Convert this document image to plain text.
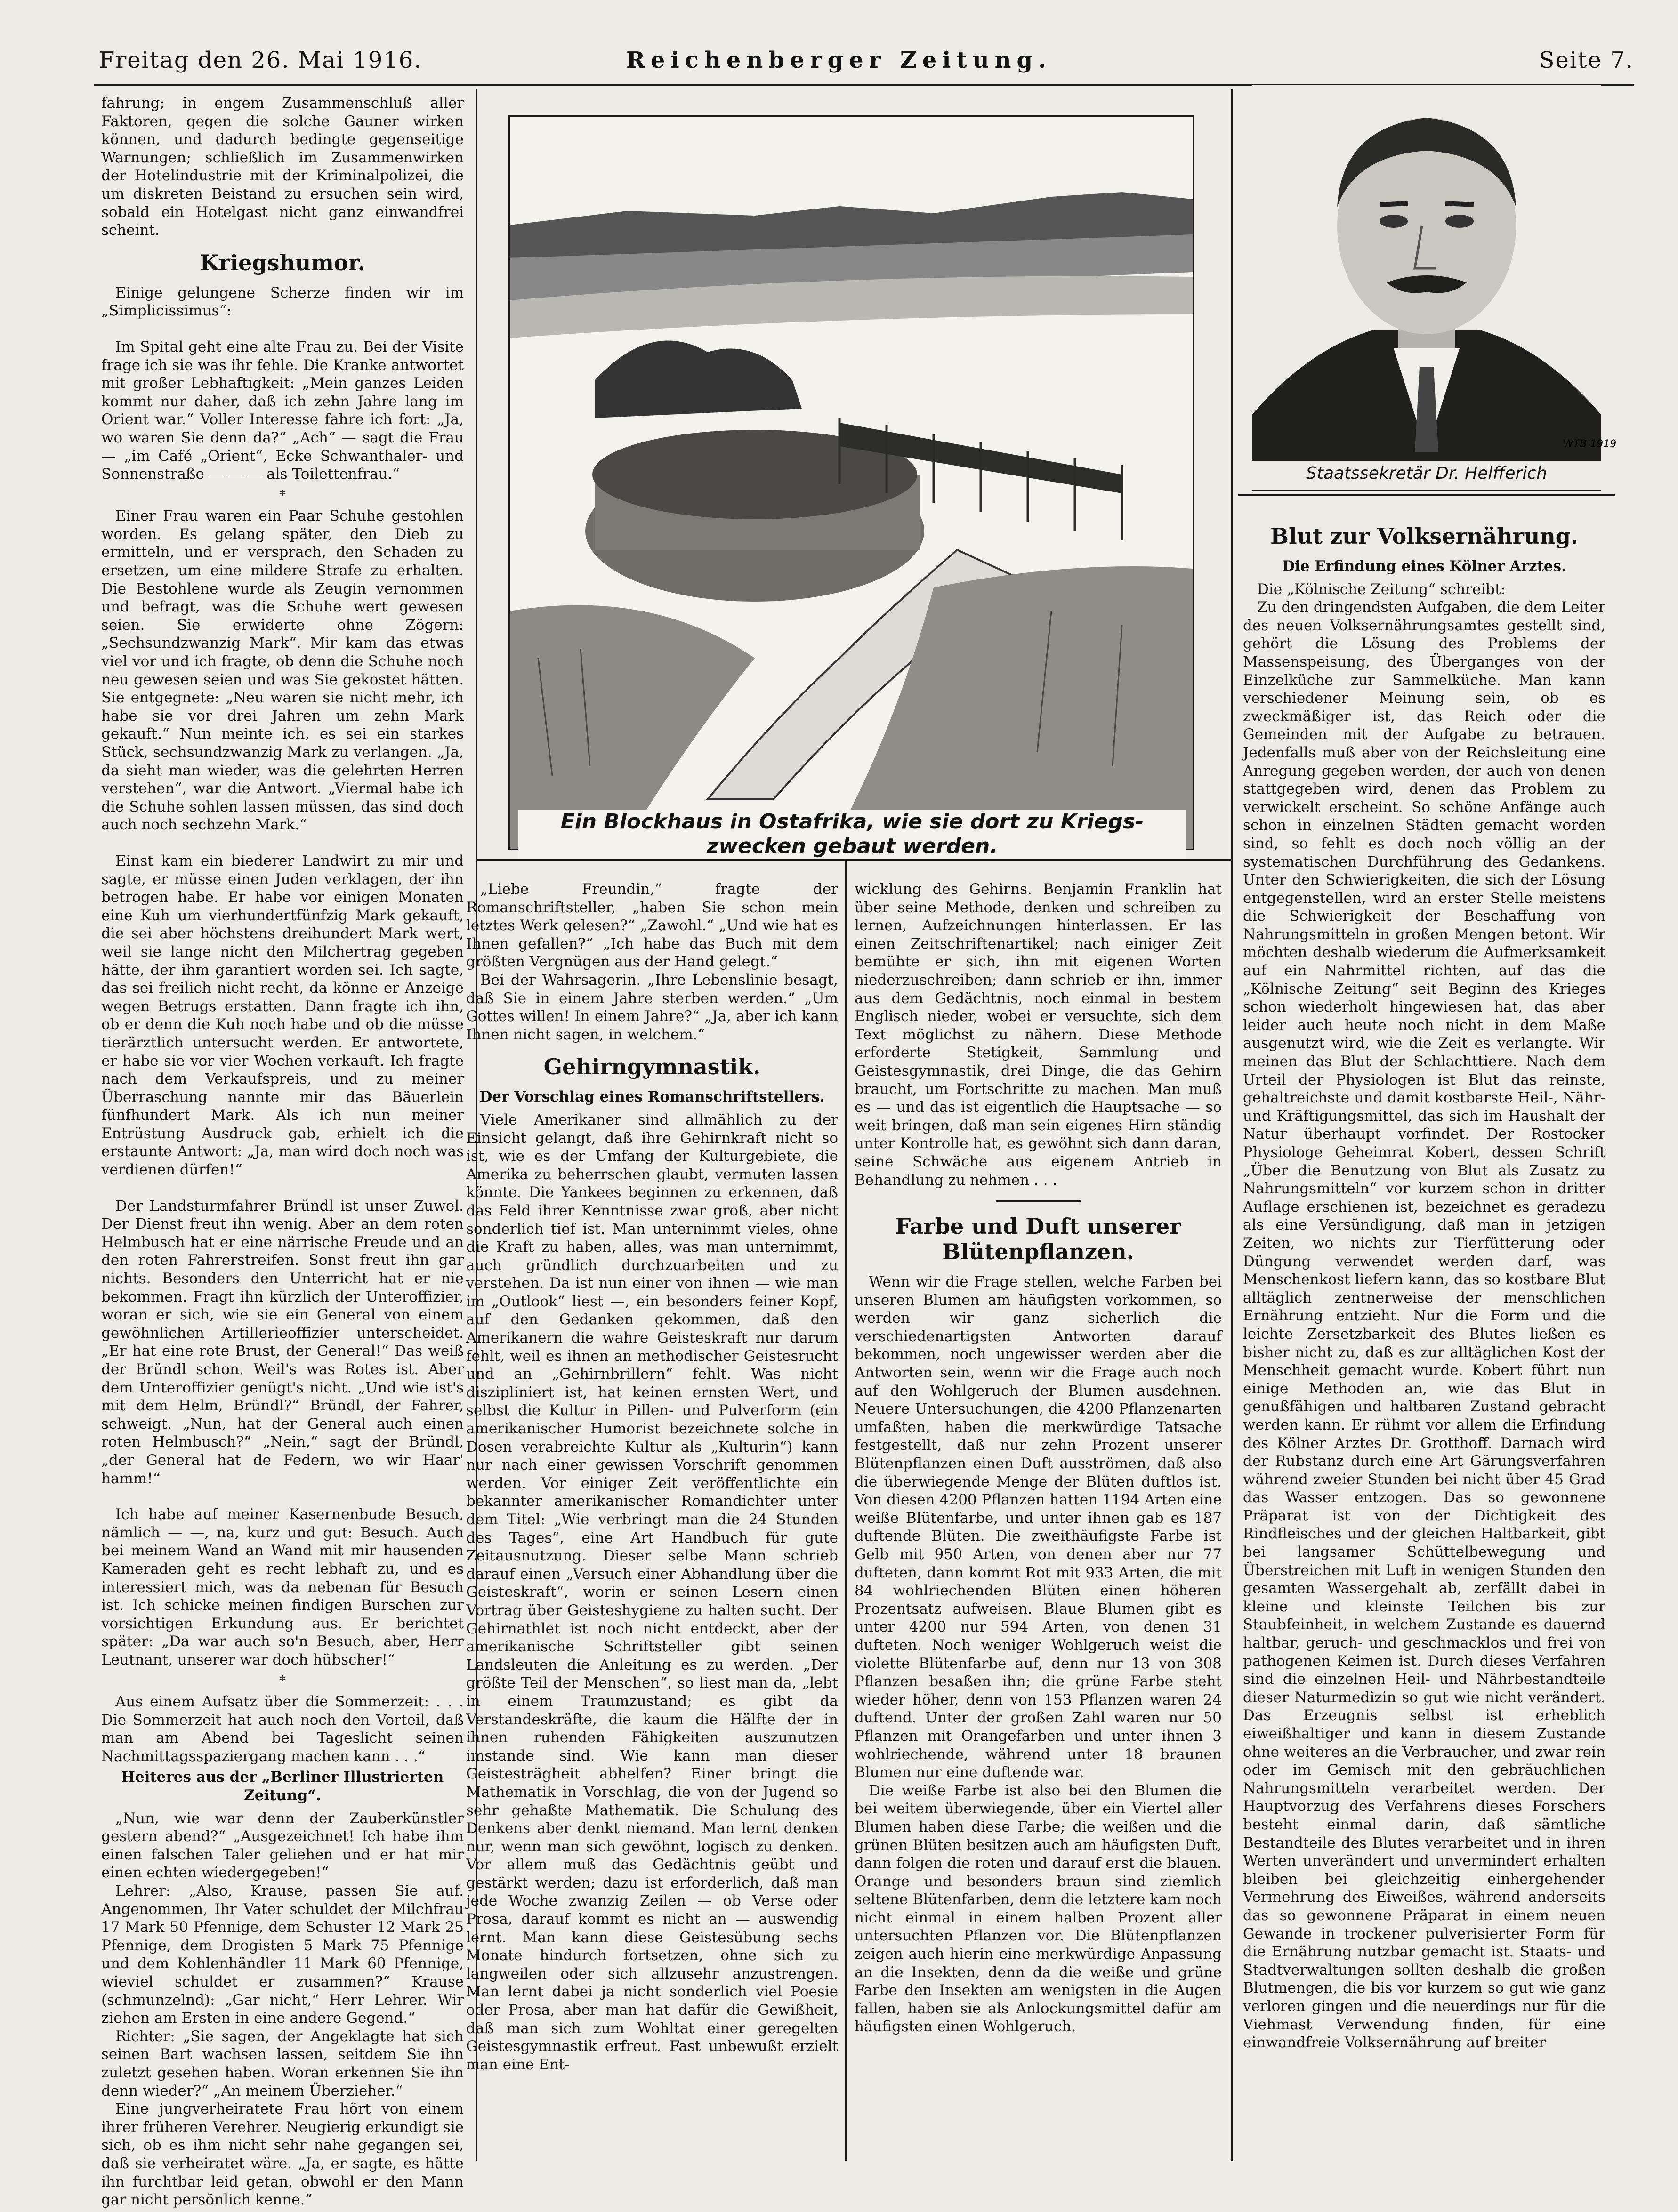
Freitag den 26. Mai 1916.	Reichenberger Zeitung.	Seite 7.

fahrung; in engem Zusammenschluß aller Faktoren, gegen die solche Gauner wirken können, und dadurch bedingte gegenseitige Warnungen; schließlich im Zusammenwirken der Hotelindustrie mit der Kriminalpolizei, die um diskreten Beistand zu ersuchen sein wird, sobald ein Hotelgast nicht ganz einwandfrei scheint.

Kriegshumor.

Einige gelungene Scherze finden wir im „Simplicissimus“:

Im Spital geht eine alte Frau zu. Bei der Visite frage ich sie was ihr fehle. Die Kranke antwortet mit großer Lebhaftigkeit: „Mein ganzes Leiden kommt nur daher, daß ich zehn Jahre lang im Orient war.“ Voller Interesse fahre ich fort: „Ja, wo waren Sie denn da?“ „Ach“ — sagt die Frau — „im Café „Orient“, Ecke Schwanthaler- und Sonnenstraße — — — als Toilettenfrau.“

*

Einer Frau waren ein Paar Schuhe gestohlen worden. Es gelang später, den Dieb zu ermitteln, und er versprach, den Schaden zu ersetzen, um eine mildere Strafe zu erhalten. Die Bestohlene wurde als Zeugin vernommen und befragt, was die Schuhe wert gewesen seien. Sie erwiderte ohne Zögern: „Sechsundzwanzig Mark“. Mir kam das etwas viel vor und ich fragte, ob denn die Schuhe noch neu gewesen seien und was Sie gekostet hätten. Sie entgegnete: „Neu waren sie nicht mehr, ich habe sie vor drei Jahren um zehn Mark gekauft.“ Nun meinte ich, es sei ein starkes Stück, sechsundzwanzig Mark zu verlangen. „Ja, da sieht man wieder, was die gelehrten Herren verstehen“, war die Antwort. „Viermal habe ich die Schuhe sohlen lassen müssen, das sind doch auch noch sechzehn Mark.“

Einst kam ein biederer Landwirt zu mir und sagte, er müsse einen Juden verklagen, der ihn betrogen habe. Er habe vor einigen Monaten eine Kuh um vierhundertfünfzig Mark gekauft, die sei aber höchstens dreihundert Mark wert, weil sie lange nicht den Milchertrag gegeben hätte, der ihm garantiert worden sei. Ich sagte, das sei freilich nicht recht, da könne er Anzeige wegen Betrugs erstatten. Dann fragte ich ihn, ob er denn die Kuh noch habe und ob die müsse tierärztlich untersucht werden. Er antwortete, er habe sie vor vier Wochen verkauft. Ich fragte nach dem Verkaufspreis, und zu meiner Überraschung nannte mir das Bäuerlein fünfhundert Mark. Als ich nun meiner Entrüstung Ausdruck gab, erhielt ich die erstaunte Antwort: „Ja, man wird doch noch was verdienen dürfen!“

Der Landsturmfahrer Bründl ist unser Zuwel. Der Dienst freut ihn wenig. Aber an dem roten Helmbusch hat er eine närrische Freude und an den roten Fahrerstreifen. Sonst freut ihn gar nichts. Besonders den Unterricht hat er nie bekommen. Fragt ihn kürzlich der Unteroffizier, woran er sich, wie sie ein General von einem gewöhnlichen Artillerieoffizier unterscheidet. „Er hat eine rote Brust, der General!“ Das weiß der Bründl schon. Weil's was Rotes ist. Aber dem Unteroffizier genügt's nicht. „Und wie ist's mit dem Helm, Bründl?“ Bründl, der Fahrer, schweigt. „Nun, hat der General auch einen roten Helmbusch?“ „Nein,“ sagt der Bründl, „der General hat de Federn, wo wir Haar' hamm!“

Ich habe auf meiner Kasernenbude Besuch, nämlich — —, na, kurz und gut: Besuch. Auch bei meinem Wand an Wand mit mir hausenden Kameraden geht es recht lebhaft zu, und es interessiert mich, was da nebenan für Besuch ist. Ich schicke meinen findigen Burschen zur vorsichtigen Erkundung aus. Er berichtet später: „Da war auch so'n Besuch, aber, Herr Leutnant, unserer war doch hübscher!“

*

Aus einem Aufsatz über die Sommerzeit: . . . Die Sommerzeit hat auch noch den Vorteil, daß man am Abend bei Tageslicht seinen Nachmittagsspaziergang machen kann . . .“

Heiteres aus der „Berliner Illustrierten Zeitung“.

„Nun, wie war denn der Zauberkünstler gestern abend?“ „Ausgezeichnet! Ich habe ihm einen falschen Taler geliehen und er hat mir einen echten wiedergegeben!“

Lehrer: „Also, Krause, passen Sie auf. Angenommen, Ihr Vater schuldet der Milchfrau 17 Mark 50 Pfennige, dem Schuster 12 Mark 25 Pfennige, dem Drogisten 5 Mark 75 Pfennige und dem Kohlenhändler 11 Mark 60 Pfennige, wieviel schuldet er zusammen?“ Krause (schmunzelnd): „Gar nicht,“ Herr Lehrer. Wir ziehen am Ersten in eine andere Gegend.“

Richter: „Sie sagen, der Angeklagte hat sich seinen Bart wachsen lassen, seitdem Sie ihn zuletzt gesehen haben. Woran erkennen Sie ihn denn wieder?“ „An meinem Überzieher.“

Eine jungverheiratete Frau hört von einem ihrer früheren Verehrer. Neugierig erkundigt sie sich, ob es ihm nicht sehr nahe gegangen sei, daß sie verheiratet wäre. „Ja, er sagte, es hätte ihn furchtbar leid getan, obwohl er den Mann gar nicht persönlich kenne.“

Ein Blockhaus in Ostafrika, wie sie dort zu Kriegs-
zwecken gebaut werden.
WTB 1919
Staatssekretär Dr. Helfferich

„Liebe Freundin,“ fragte der Romanschriftsteller, „haben Sie schon mein letztes Werk gelesen?“ „Zawohl.“ „Und wie hat es Ihnen gefallen?“ „Ich habe das Buch mit dem größten Vergnügen aus der Hand gelegt.“

Bei der Wahrsagerin. „Ihre Lebenslinie besagt, daß Sie in einem Jahre sterben werden.“ „Um Gottes willen! In einem Jahre?“ „Ja, aber ich kann Ihnen nicht sagen, in welchem.“

Gehirngymnastik.
Der Vorschlag eines Romanschriftstellers.

Viele Amerikaner sind allmählich zu der Einsicht gelangt, daß ihre Gehirnkraft nicht so ist, wie es der Umfang der Kulturgebiete, die Amerika zu beherrschen glaubt, vermuten lassen könnte. Die Yankees beginnen zu erkennen, daß das Feld ihrer Kenntnisse zwar groß, aber nicht sonderlich tief ist. Man unternimmt vieles, ohne die Kraft zu haben, alles, was man unternimmt, auch gründlich durchzuarbeiten und zu verstehen. Da ist nun einer von ihnen — wie man im „Outlook“ liest —, ein besonders feiner Kopf, auf den Gedanken gekommen, daß den Amerikanern die wahre Geisteskraft nur darum fehlt, weil es ihnen an methodischer Geistesrucht und an „Gehirnbrillern“ fehlt. Was nicht diszipliniert ist, hat keinen ernsten Wert, und selbst die Kultur in Pillen- und Pulverform (ein amerikanischer Humorist bezeichnete solche in Dosen verabreichte Kultur als „Kulturin“) kann nur nach einer gewissen Vorschrift genommen werden. Vor einiger Zeit veröffentlichte ein bekannter amerikanischer Romandichter unter dem Titel: „Wie verbringt man die 24 Stunden des Tages“, eine Art Handbuch für gute Zeitausnutzung. Dieser selbe Mann schrieb darauf einen „Versuch einer Abhandlung über die Geisteskraft“, worin er seinen Lesern einen Vortrag über Geisteshygiene zu halten sucht. Der Gehirnathlet ist noch nicht entdeckt, aber der amerikanische Schriftsteller gibt seinen Landsleuten die Anleitung es zu werden. „Der größte Teil der Menschen“, so liest man da, „lebt in einem Traumzustand; es gibt da Verstandeskräfte, die kaum die Hälfte der in ihnen ruhenden Fähigkeiten auszunutzen imstande sind. Wie kann man dieser Geistesträgheit abhelfen? Einer bringt die Mathematik in Vorschlag, die von der Jugend so sehr gehaßte Mathematik. Die Schulung des Denkens aber denkt niemand. Man lernt denken nur, wenn man sich gewöhnt, logisch zu denken. Vor allem muß das Gedächtnis geübt und gestärkt werden; dazu ist erforderlich, daß man jede Woche zwanzig Zeilen — ob Verse oder Prosa, darauf kommt es nicht an — auswendig lernt. Man kann diese Geistesübung sechs Monate hindurch fortsetzen, ohne sich zu langweilen oder sich allzusehr anzustrengen. Man lernt dabei ja nicht sonderlich viel Poesie oder Prosa, aber man hat dafür die Gewißheit, daß man sich zum Wohltat einer geregelten Geistesgymnastik erfreut. Fast unbewußt erzielt man eine Ent-

wicklung des Gehirns. Benjamin Franklin hat über seine Methode, denken und schreiben zu lernen, Aufzeichnungen hinterlassen. Er las einen Zeitschriftenartikel; nach einiger Zeit bemühte er sich, ihn mit eigenen Worten niederzuschreiben; dann schrieb er ihn, immer aus dem Gedächtnis, noch einmal in bestem Englisch nieder, wobei er versuchte, sich dem Text möglichst zu nähern. Diese Methode erforderte Stetigkeit, Sammlung und Geistesgymnastik, drei Dinge, die das Gehirn braucht, um Fortschritte zu machen. Man muß es — und das ist eigentlich die Hauptsache — so weit bringen, daß man sein eigenes Hirn ständig unter Kontrolle hat, es gewöhnt sich dann daran, seine Schwäche aus eigenem Antrieb in Behandlung zu nehmen . . .

Farbe und Duft unserer Blütenpflanzen.

Wenn wir die Frage stellen, welche Farben bei unseren Blumen am häufigsten vorkommen, so werden wir ganz sicherlich die verschiedenartigsten Antworten darauf bekommen, noch ungewisser werden aber die Antworten sein, wenn wir die Frage auch noch auf den Wohlgeruch der Blumen ausdehnen. Neuere Untersuchungen, die 4200 Pflanzenarten umfaßten, haben die merkwürdige Tatsache festgestellt, daß nur zehn Prozent unserer Blütenpflanzen einen Duft ausströmen, daß also die überwiegende Menge der Blüten duftlos ist. Von diesen 4200 Pflanzen hatten 1194 Arten eine weiße Blütenfarbe, und unter ihnen gab es 187 duftende Blüten. Die zweithäufigste Farbe ist Gelb mit 950 Arten, von denen aber nur 77 dufteten, dann kommt Rot mit 933 Arten, die mit 84 wohlriechenden Blüten einen höheren Prozentsatz aufweisen. Blaue Blumen gibt es unter 4200 nur 594 Arten, von denen 31 dufteten. Noch weniger Wohlgeruch weist die violette Blütenfarbe auf, denn nur 13 von 308 Pflanzen besaßen ihn; die grüne Farbe steht wieder höher, denn von 153 Pflanzen waren 24 duftend. Unter der großen Zahl waren nur 50 Pflanzen mit Orangefarben und unter ihnen 3 wohlriechende, während unter 18 braunen Blumen nur eine duftende war.

Die weiße Farbe ist also bei den Blumen die bei weitem überwiegende, über ein Viertel aller Blumen haben diese Farbe; die weißen und die grünen Blüten besitzen auch am häufigsten Duft, dann folgen die roten und darauf erst die blauen. Orange und besonders braun sind ziemlich seltene Blütenfarben, denn die letztere kam noch nicht einmal in einem halben Prozent aller untersuchten Pflanzen vor. Die Blütenpflanzen zeigen auch hierin eine merkwürdige Anpassung an die Insekten, denn da die weiße und grüne Farbe den Insekten am wenigsten in die Augen fallen, haben sie als Anlockungsmittel dafür am häufigsten einen Wohlgeruch.

Blut zur Volksernährung.
Die Erfindung eines Kölner Arztes.

Die „Kölnische Zeitung“ schreibt:

Zu den dringendsten Aufgaben, die dem Leiter des neuen Volksernährungsamtes gestellt sind, gehört die Lösung des Problems der Massenspeisung, des Überganges von der Einzelküche zur Sammelküche. Man kann verschiedener Meinung sein, ob es zweckmäßiger ist, das Reich oder die Gemeinden mit der Aufgabe zu betrauen. Jedenfalls muß aber von der Reichsleitung eine Anregung gegeben werden, der auch von denen stattgegeben wird, denen das Problem zu verwickelt erscheint. So schöne Anfänge auch schon in einzelnen Städten gemacht worden sind, so fehlt es doch noch völlig an der systematischen Durchführung des Gedankens. Unter den Schwierigkeiten, die sich der Lösung entgegenstellen, wird an erster Stelle meistens die Schwierigkeit der Beschaffung von Nahrungsmitteln in großen Mengen betont. Wir möchten deshalb wiederum die Aufmerksamkeit auf ein Nahrmittel richten, auf das die „Kölnische Zeitung“ seit Beginn des Krieges schon wiederholt hingewiesen hat, das aber leider auch heute noch nicht in dem Maße ausgenutzt wird, wie die Zeit es verlangte. Wir meinen das Blut der Schlachttiere. Nach dem Urteil der Physiologen ist Blut das reinste, gehaltreichste und damit kostbarste Heil-, Nähr- und Kräftigungsmittel, das sich im Haushalt der Natur überhaupt vorfindet. Der Rostocker Physiologe Geheimrat Kobert, dessen Schrift „Über die Benutzung von Blut als Zusatz zu Nahrungsmitteln“ vor kurzem schon in dritter Auflage erschienen ist, bezeichnet es geradezu als eine Versündigung, daß man in jetzigen Zeiten, wo nichts zur Tierfütterung oder Düngung verwendet werden darf, was Menschenkost liefern kann, das so kostbare Blut alltäglich zentnerweise der menschlichen Ernährung entzieht. Nur die Form und die leichte Zersetzbarkeit des Blutes ließen es bisher nicht zu, daß es zur alltäglichen Kost der Menschheit gemacht wurde. Kobert führt nun einige Methoden an, wie das Blut in genußfähigen und haltbaren Zustand gebracht werden kann. Er rühmt vor allem die Erfindung des Kölner Arztes Dr. Grotthoff. Darnach wird der Rubstanz durch eine Art Gärungsverfahren während zweier Stunden bei nicht über 45 Grad das Wasser entzogen. Das so gewonnene Präparat ist von der Dichtigkeit des Rindfleisches und der gleichen Haltbarkeit, gibt bei langsamer Schüttelbewegung und Überstreichen mit Luft in wenigen Stunden den gesamten Wassergehalt ab, zerfällt dabei in kleine und kleinste Teilchen bis zur Staubfeinheit, in welchem Zustande es dauernd haltbar, geruch- und geschmacklos und frei von pathogenen Keimen ist. Durch dieses Verfahren sind die einzelnen Heil- und Nährbestandteile dieser Naturmedizin so gut wie nicht verändert. Das Erzeugnis selbst ist erheblich eiweißhaltiger und kann in diesem Zustande ohne weiteres an die Verbraucher, und zwar rein oder im Gemisch mit den gebräuchlichen Nahrungsmitteln verarbeitet werden. Der Hauptvorzug des Verfahrens dieses Forschers besteht einmal darin, daß sämtliche Bestandteile des Blutes verarbeitet und in ihren Werten unverändert und unvermindert erhalten bleiben bei gleichzeitig einhergehender Vermehrung des Eiweißes, während anderseits das so gewonnene Präparat in einem neuen Gewande in trockener pulverisierter Form für die Ernährung nutzbar gemacht ist. Staats- und Stadtverwaltungen sollten deshalb die großen Blutmengen, die bis vor kurzem so gut wie ganz verloren gingen und die neuerdings nur für die Viehmast Verwendung finden, für eine einwandfreie Volksernährung auf breiter
